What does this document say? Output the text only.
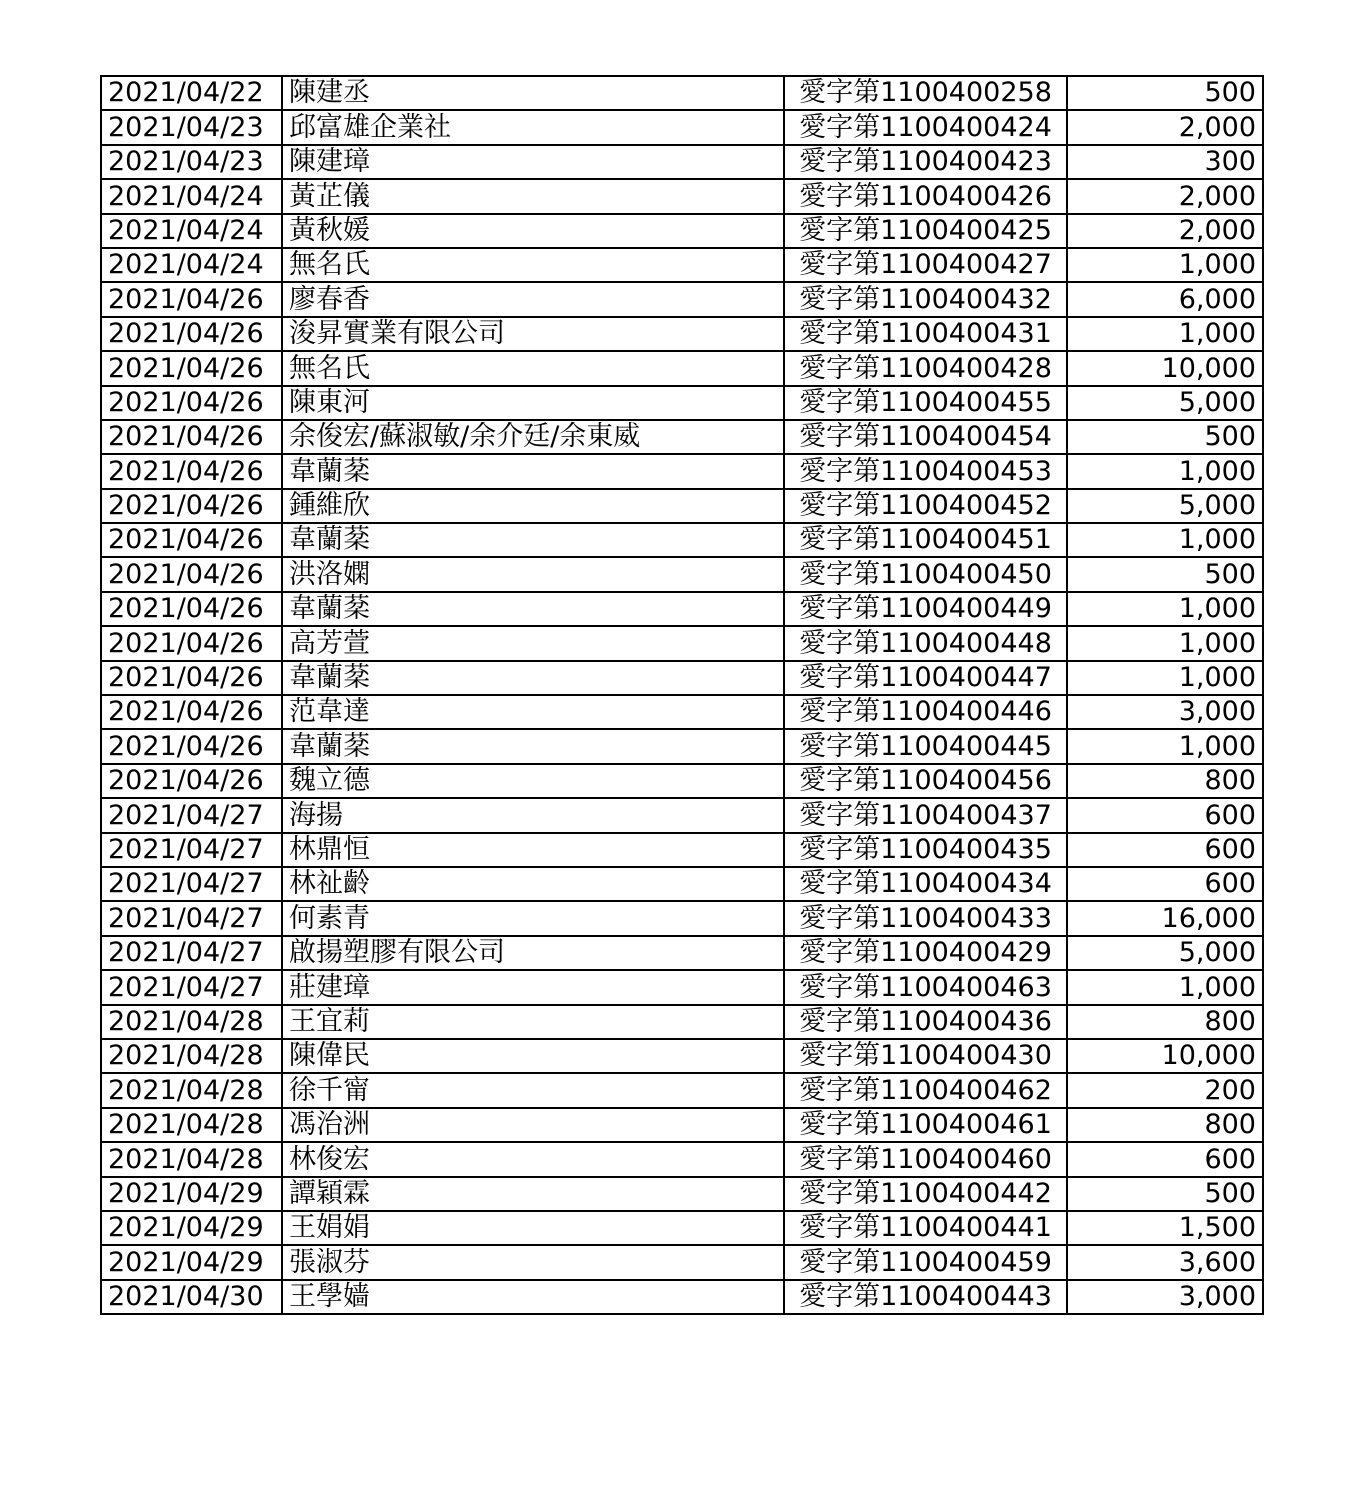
2021/04/22	陳建丞	愛字第1100400258	500
2021/04/23	邱富雄企業社	愛字第1100400424	2,000
2021/04/23	陳建璋	愛字第1100400423	300
2021/04/24	黃芷儀	愛字第1100400426	2,000
2021/04/24	黃秋媛	愛字第1100400425	2,000
2021/04/24	無名氏	愛字第1100400427	1,000
2021/04/26	廖春香	愛字第1100400432	6,000
2021/04/26	浚昇實業有限公司	愛字第1100400431	1,000
2021/04/26	無名氏	愛字第1100400428	10,000
2021/04/26	陳東河	愛字第1100400455	5,000
2021/04/26	余俊宏/蘇淑敏/余介廷/余東威	愛字第1100400454	500
2021/04/26	韋蘭棻	愛字第1100400453	1,000
2021/04/26	鍾維欣	愛字第1100400452	5,000
2021/04/26	韋蘭棻	愛字第1100400451	1,000
2021/04/26	洪洛嫻	愛字第1100400450	500
2021/04/26	韋蘭棻	愛字第1100400449	1,000
2021/04/26	高芳萱	愛字第1100400448	1,000
2021/04/26	韋蘭棻	愛字第1100400447	1,000
2021/04/26	范韋達	愛字第1100400446	3,000
2021/04/26	韋蘭棻	愛字第1100400445	1,000
2021/04/26	魏立德	愛字第1100400456	800
2021/04/27	海揚	愛字第1100400437	600
2021/04/27	林鼎恒	愛字第1100400435	600
2021/04/27	林祉齡	愛字第1100400434	600
2021/04/27	何素青	愛字第1100400433	16,000
2021/04/27	啟揚塑膠有限公司	愛字第1100400429	5,000
2021/04/27	莊建璋	愛字第1100400463	1,000
2021/04/28	王宜莉	愛字第1100400436	800
2021/04/28	陳偉民	愛字第1100400430	10,000
2021/04/28	徐千甯	愛字第1100400462	200
2021/04/28	馮治洲	愛字第1100400461	800
2021/04/28	林俊宏	愛字第1100400460	600
2021/04/29	譚穎霖	愛字第1100400442	500
2021/04/29	王娟娟	愛字第1100400441	1,500
2021/04/29	張淑芬	愛字第1100400459	3,600
2021/04/30	王學嫱	愛字第1100400443	3,000
